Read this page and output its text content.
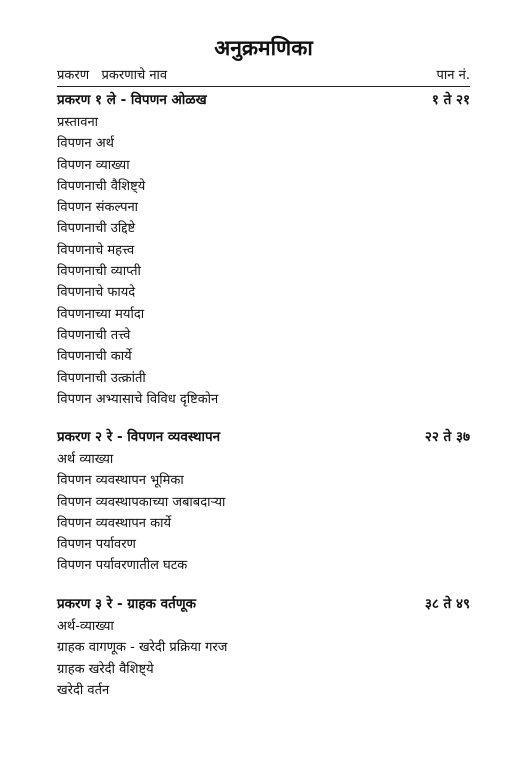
अनुक्रमणिका
प्रकरण   प्रकरणाचे नाव	पान नं.
प्रकरण १ ले - विपणन ओळख	१ ते २१
प्रस्तावना
विपणन अर्थ
विपणन व्याख्या
विपणनाची वैशिष्ट्ये
विपणन संकल्पना
विपणनाची उद्दिष्टे
विपणनाचे महत्त्व
विपणनाची व्याप्ती
विपणनाचे फायदे
विपणनाच्या मर्यादा
विपणनाची तत्त्वे
विपणनाची कार्ये
विपणनाची उत्क्रांती
विपणन अभ्यासाचे विविध दृष्टिकोन
प्रकरण २ रे - विपणन व्यवस्थापन	२२ ते ३७
अर्थ व्याख्या
विपणन व्यवस्थापन भूमिका
विपणन व्यवस्थापकाच्या जबाबदाऱ्या
विपणन व्यवस्थापन कार्ये
विपणन पर्यावरण
विपणन पर्यावरणातील घटक
प्रकरण ३ रे - ग्राहक वर्तणूक	३८ ते ४९
अर्थ-व्याख्या
ग्राहक वागणूक - खरेदी प्रक्रिया गरज
ग्राहक खरेदी वैशिष्ट्ये
खरेदी वर्तन
